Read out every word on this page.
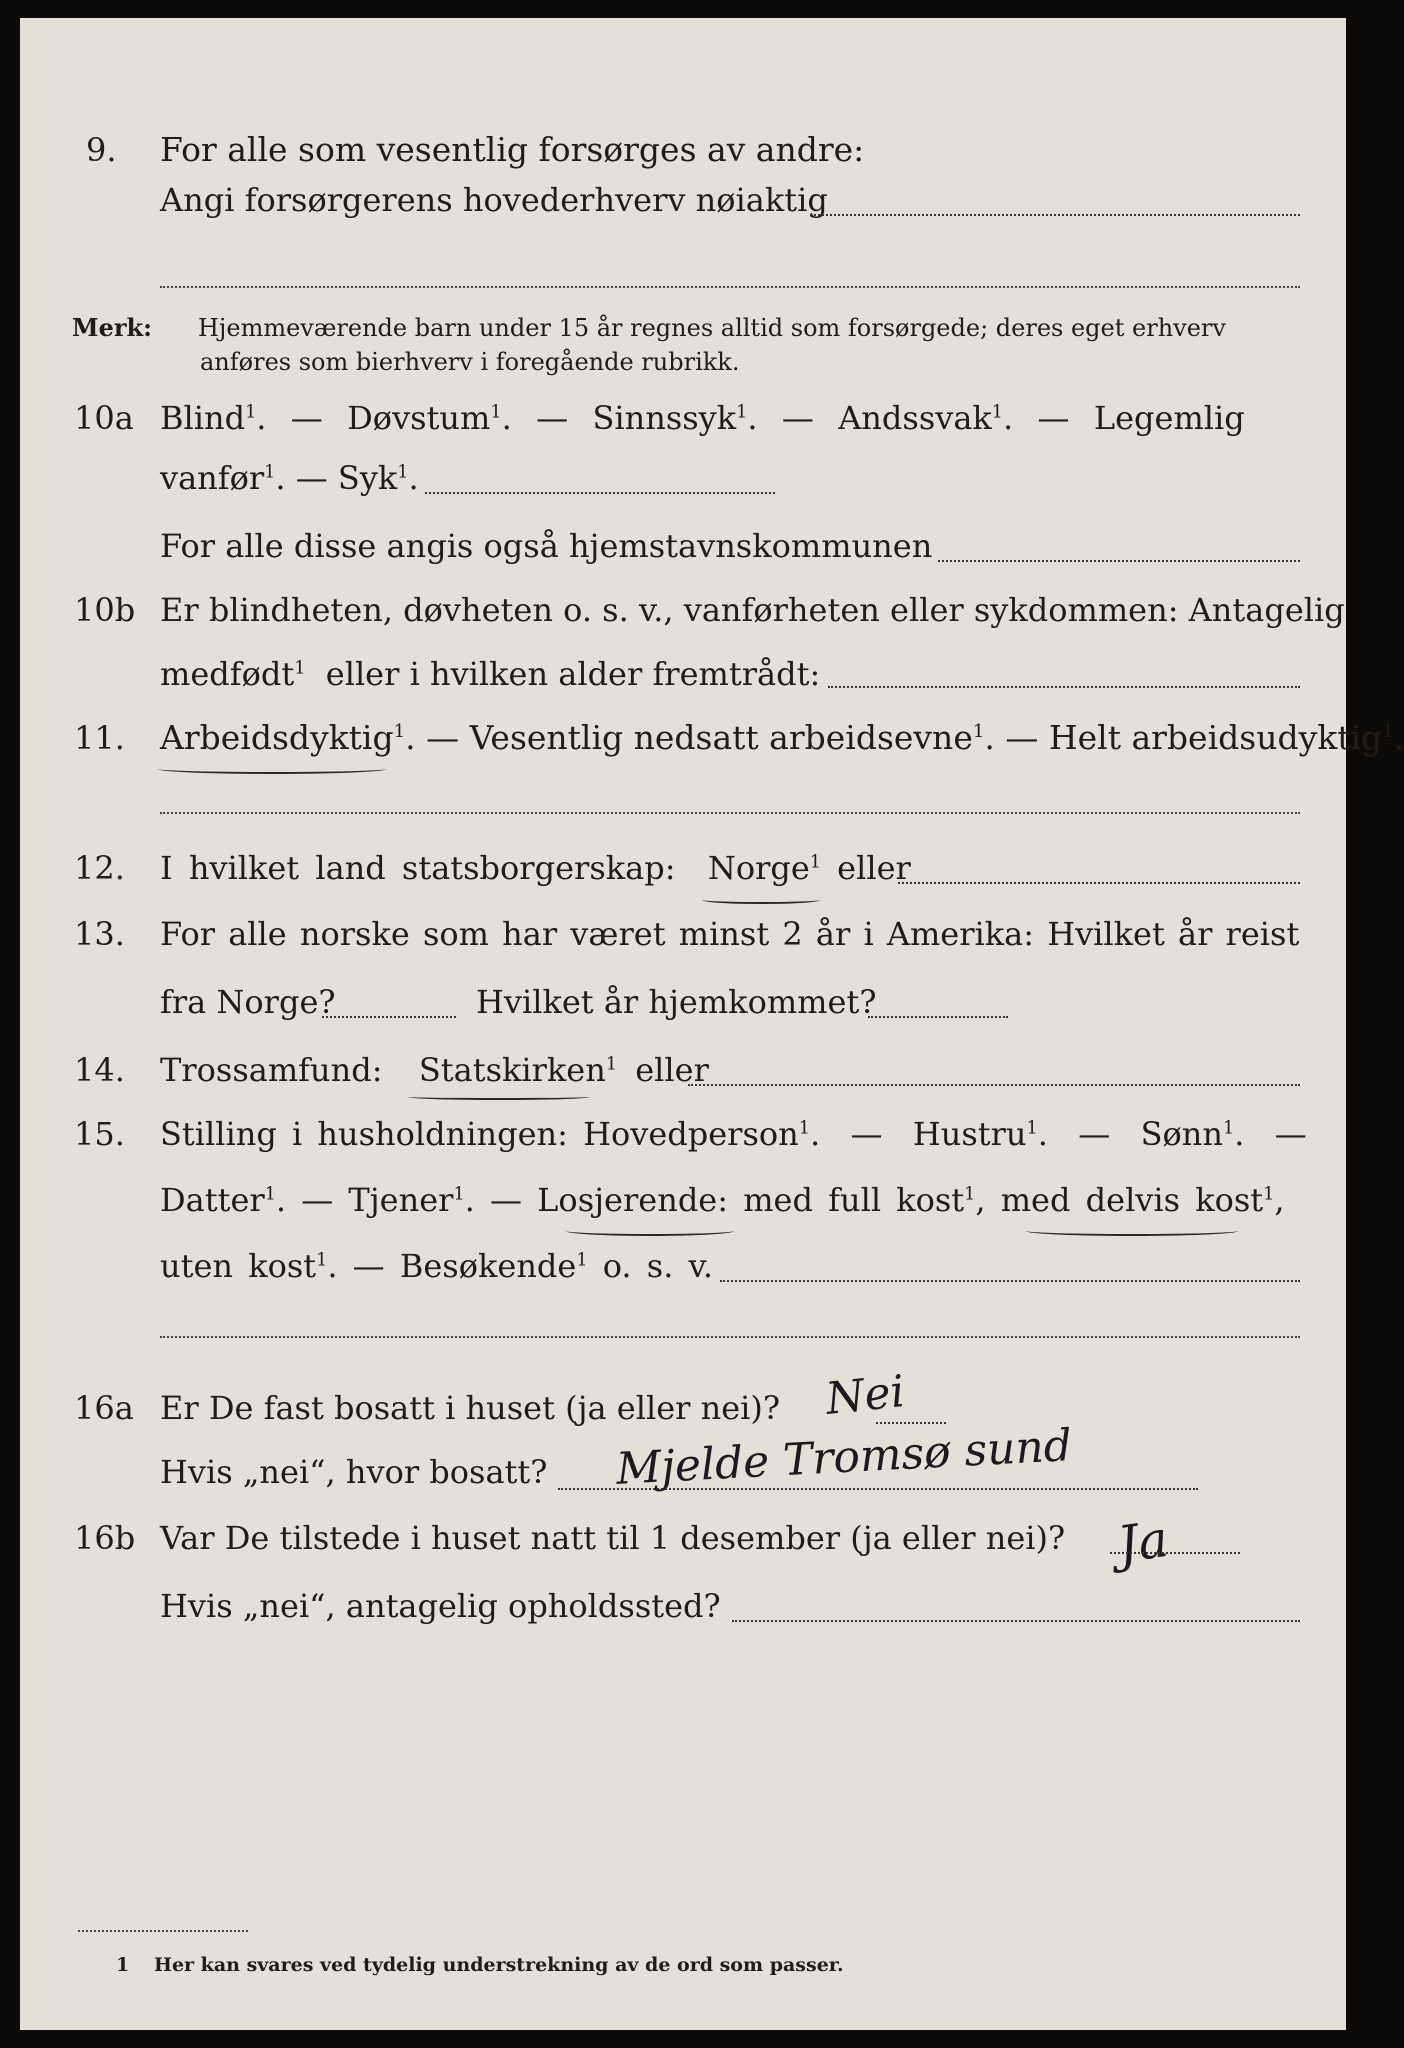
9. For alle som vesentlig forsørges av andre:
Angi forsørgerens hovederhverv nøiaktig
Merk: Hjemmeværende barn under 15 år regnes alltid som forsørgede; deres eget erhverv
anføres som bierhverv i foregående rubrikk.
10a Blind$^1$.  —  Døvstum$^1$.  —  Sinnssyk$^1$.  —  Andssvak$^1$.  —  Legemlig
vanfør$^1$. — Syk$^1$.
For alle disse angis også hjemstavnskommunen
10b Er blindheten, døvheten o. s. v., vanførheten eller sykdommen: Antagelig
medfødt$^1$ eller i hvilken alder fremtrådt:
11. Arbeidsdyktig$^1$. — Vesentlig nedsatt arbeidsevne$^1$. — Helt arbeidsudyktig$^1$.
12. I hvilket land statsborgerskap: Norge$^1$ eller
13. For alle norske som har været minst 2 år i Amerika: Hvilket år reist
fra Norge?	Hvilket år hjemkommet?
14. Trossamfund: Statskirken$^1$ eller
15. Stilling i husholdningen: Hovedperson$^1$.  —  Hustru$^1$.  —  Sønn$^1$.  —
Datter$^1$. — Tjener$^1$. — Losjerende: med full kost$^1$, med delvis kost$^1$,
uten kost$^1$. — Besøkende$^1$ o. s. v.
16a Er De fast bosatt i huset (ja eller nei)? Nei
Hvis „nei“, hvor bosatt? Mjelde Tromsø sund
16b Var De tilstede i huset natt til 1 desember (ja eller nei)? Ja
Hvis „nei“, antagelig opholdssted?
1 Her kan svares ved tydelig understrekning av de ord som passer.
